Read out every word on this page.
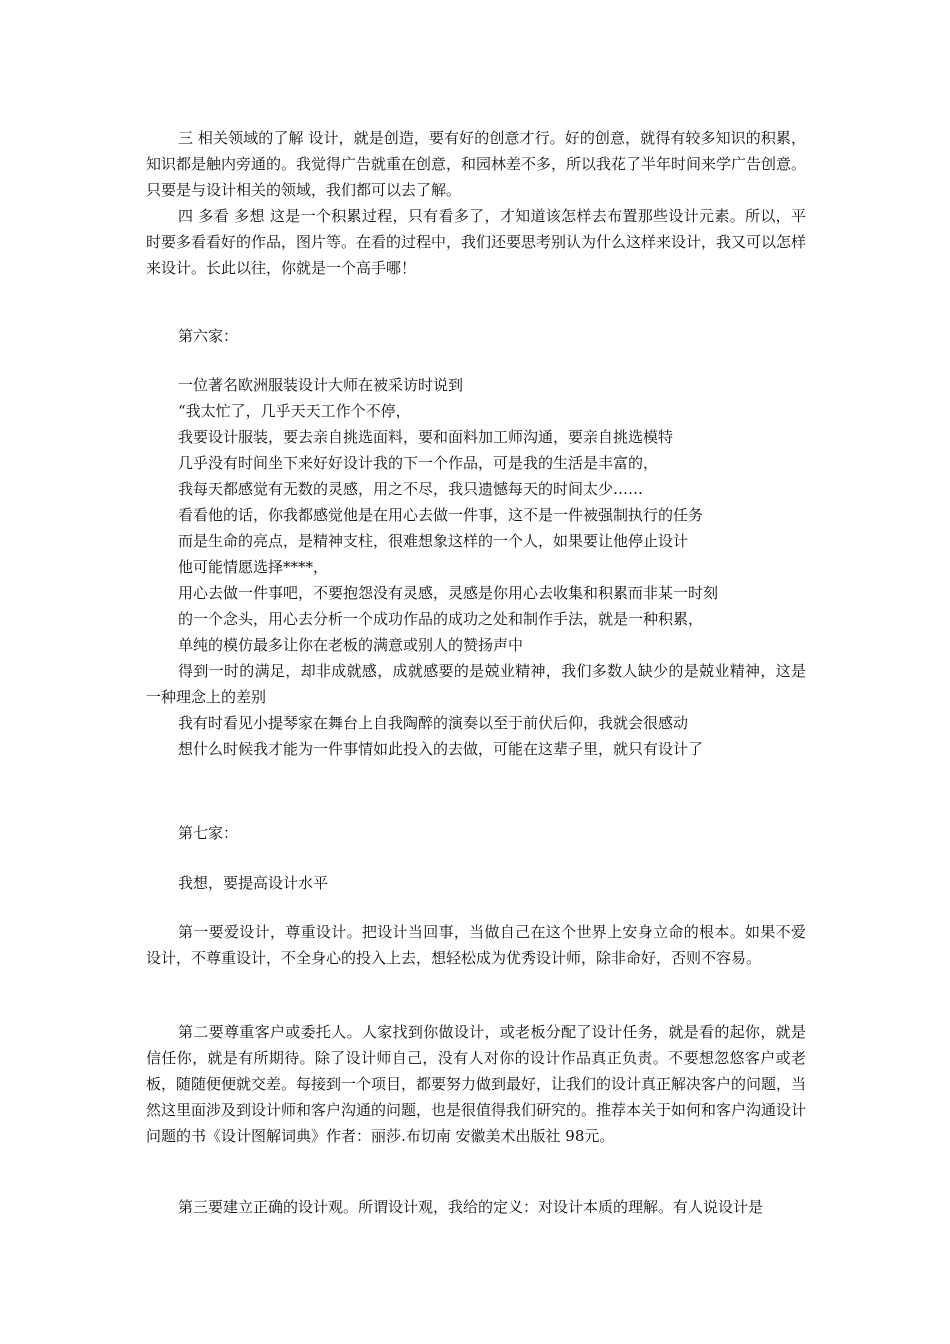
三 相关领域的了解 设计，就是创造，要有好的创意才行。好的创意，就得有较多知识的积累，知识都是触内旁通的。我觉得广告就重在创意，和园林差不多，所以我花了半年时间来学广告创意。只要是与设计相关的领域，我们都可以去了解。

四 多看 多想 这是一个积累过程，只有看多了，才知道该怎样去布置那些设计元素。所以，平时要多看看好的作品，图片等。在看的过程中，我们还要思考别认为什么这样来设计，我又可以怎样来设计。长此以往，你就是一个高手哪！

第六家：

一位著名欧洲服装设计大师在被采访时说到

“我太忙了，几乎天天工作个不停，

我要设计服装，要去亲自挑选面料，要和面料加工师沟通，要亲自挑选模特

几乎没有时间坐下来好好设计我的下一个作品，可是我的生活是丰富的，

我每天都感觉有无数的灵感，用之不尽，我只遗憾每天的时间太少……

看看他的话，你我都感觉他是在用心去做一件事，这不是一件被强制执行的任务

而是生命的亮点，是精神支柱，很难想象这样的一个人，如果要让他停止设计

他可能情愿选择****，

用心去做一件事吧，不要抱怨没有灵感，灵感是你用心去收集和积累而非某一时刻

的一个念头，用心去分析一个成功作品的成功之处和制作手法，就是一种积累，

单纯的模仿最多让你在老板的满意或别人的赞扬声中

得到一时的满足，却非成就感，成就感要的是兢业精神，我们多数人缺少的是兢业精神，这是一种理念上的差别

我有时看见小提琴家在舞台上自我陶醉的演奏以至于前伏后仰，我就会很感动

想什么时候我才能为一件事情如此投入的去做，可能在这辈子里，就只有设计了

第七家：

我想，要提高设计水平

第一要爱设计，尊重设计。把设计当回事，当做自己在这个世界上安身立命的根本。如果不爱设计，不尊重设计，不全身心的投入上去，想轻松成为优秀设计师，除非命好，否则不容易。

第二要尊重客户或委托人。人家找到你做设计，或老板分配了设计任务，就是看的起你，就是信任你，就是有所期待。除了设计师自己，没有人对你的设计作品真正负责。不要想忽悠客户或老板，随随便便就交差。每接到一个项目，都要努力做到最好，让我们的设计真正解决客户的问题，当然这里面涉及到设计师和客户沟通的问题，也是很值得我们研究的。推荐本关于如何和客户沟通设计问题的书《设计图解词典》作者：丽莎.布切南 安徽美术出版社 98元。

第三要建立正确的设计观。所谓设计观，我给的定义：对设计本质的理解。有人说设计是
